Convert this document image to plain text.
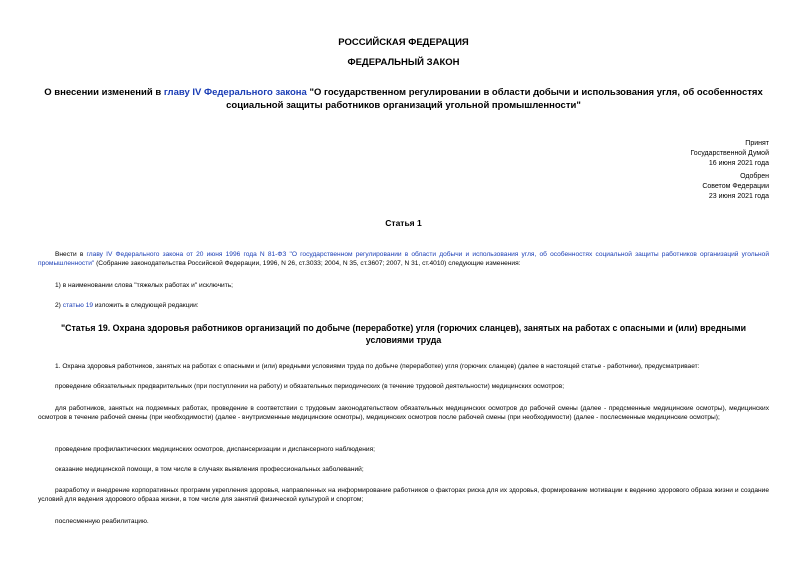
РОССИЙСКАЯ ФЕДЕРАЦИЯ
ФЕДЕРАЛЬНЫЙ ЗАКОН
О внесении изменений в главу IV Федерального закона "О государственном регулировании в области добычи и использования угля, об особенностях социальной защиты работников организаций угольной промышленности"
Принят
Государственной Думой
16 июня 2021 года
Одобрен
Советом Федерации
23 июня 2021 года
Статья 1
Внести в главу IV Федерального закона от 20 июня 1996 года N 81-ФЗ "О государственном регулировании в области добычи и использования угля, об особенностях социальной защиты работников организаций угольной промышленности" (Собрание законодательства Российской Федерации, 1996, N 26, ст.3033; 2004, N 35, ст.3607; 2007, N 31, ст.4010) следующие изменения:
1) в наименовании слова "тяжелых работах и" исключить;
2) статью 19 изложить в следующей редакции:
"Статья 19. Охрана здоровья работников организаций по добыче (переработке) угля (горючих сланцев), занятых на работах с опасными и (или) вредными условиями труда
1. Охрана здоровья работников, занятых на работах с опасными и (или) вредными условиями труда по добыче (переработке) угля (горючих сланцев) (далее в настоящей статье - работники), предусматривает:
проведение обязательных предварительных (при поступлении на работу) и обязательных периодических (в течение трудовой деятельности) медицинских осмотров;
для работников, занятых на подземных работах, проведение в соответствии с трудовым законодательством обязательных медицинских осмотров до рабочей смены (далее - предсменные медицинские осмотры), медицинских осмотров в течение рабочей смены (при необходимости) (далее - внутрисменные медицинские осмотры), медицинских осмотров после рабочей смены (при необходимости) (далее - послесменные медицинские осмотры);
проведение профилактических медицинских осмотров, диспансеризации и диспансерного наблюдения;
оказание медицинской помощи, в том числе в случаях выявления профессиональных заболеваний;
разработку и внедрение корпоративных программ укрепления здоровья, направленных на информирование работников о факторах риска для их здоровья, формирование мотивации к ведению здорового образа жизни и создание условий для ведения здорового образа жизни, в том числе для занятий физической культурой и спортом;
послесменную реабилитацию.
